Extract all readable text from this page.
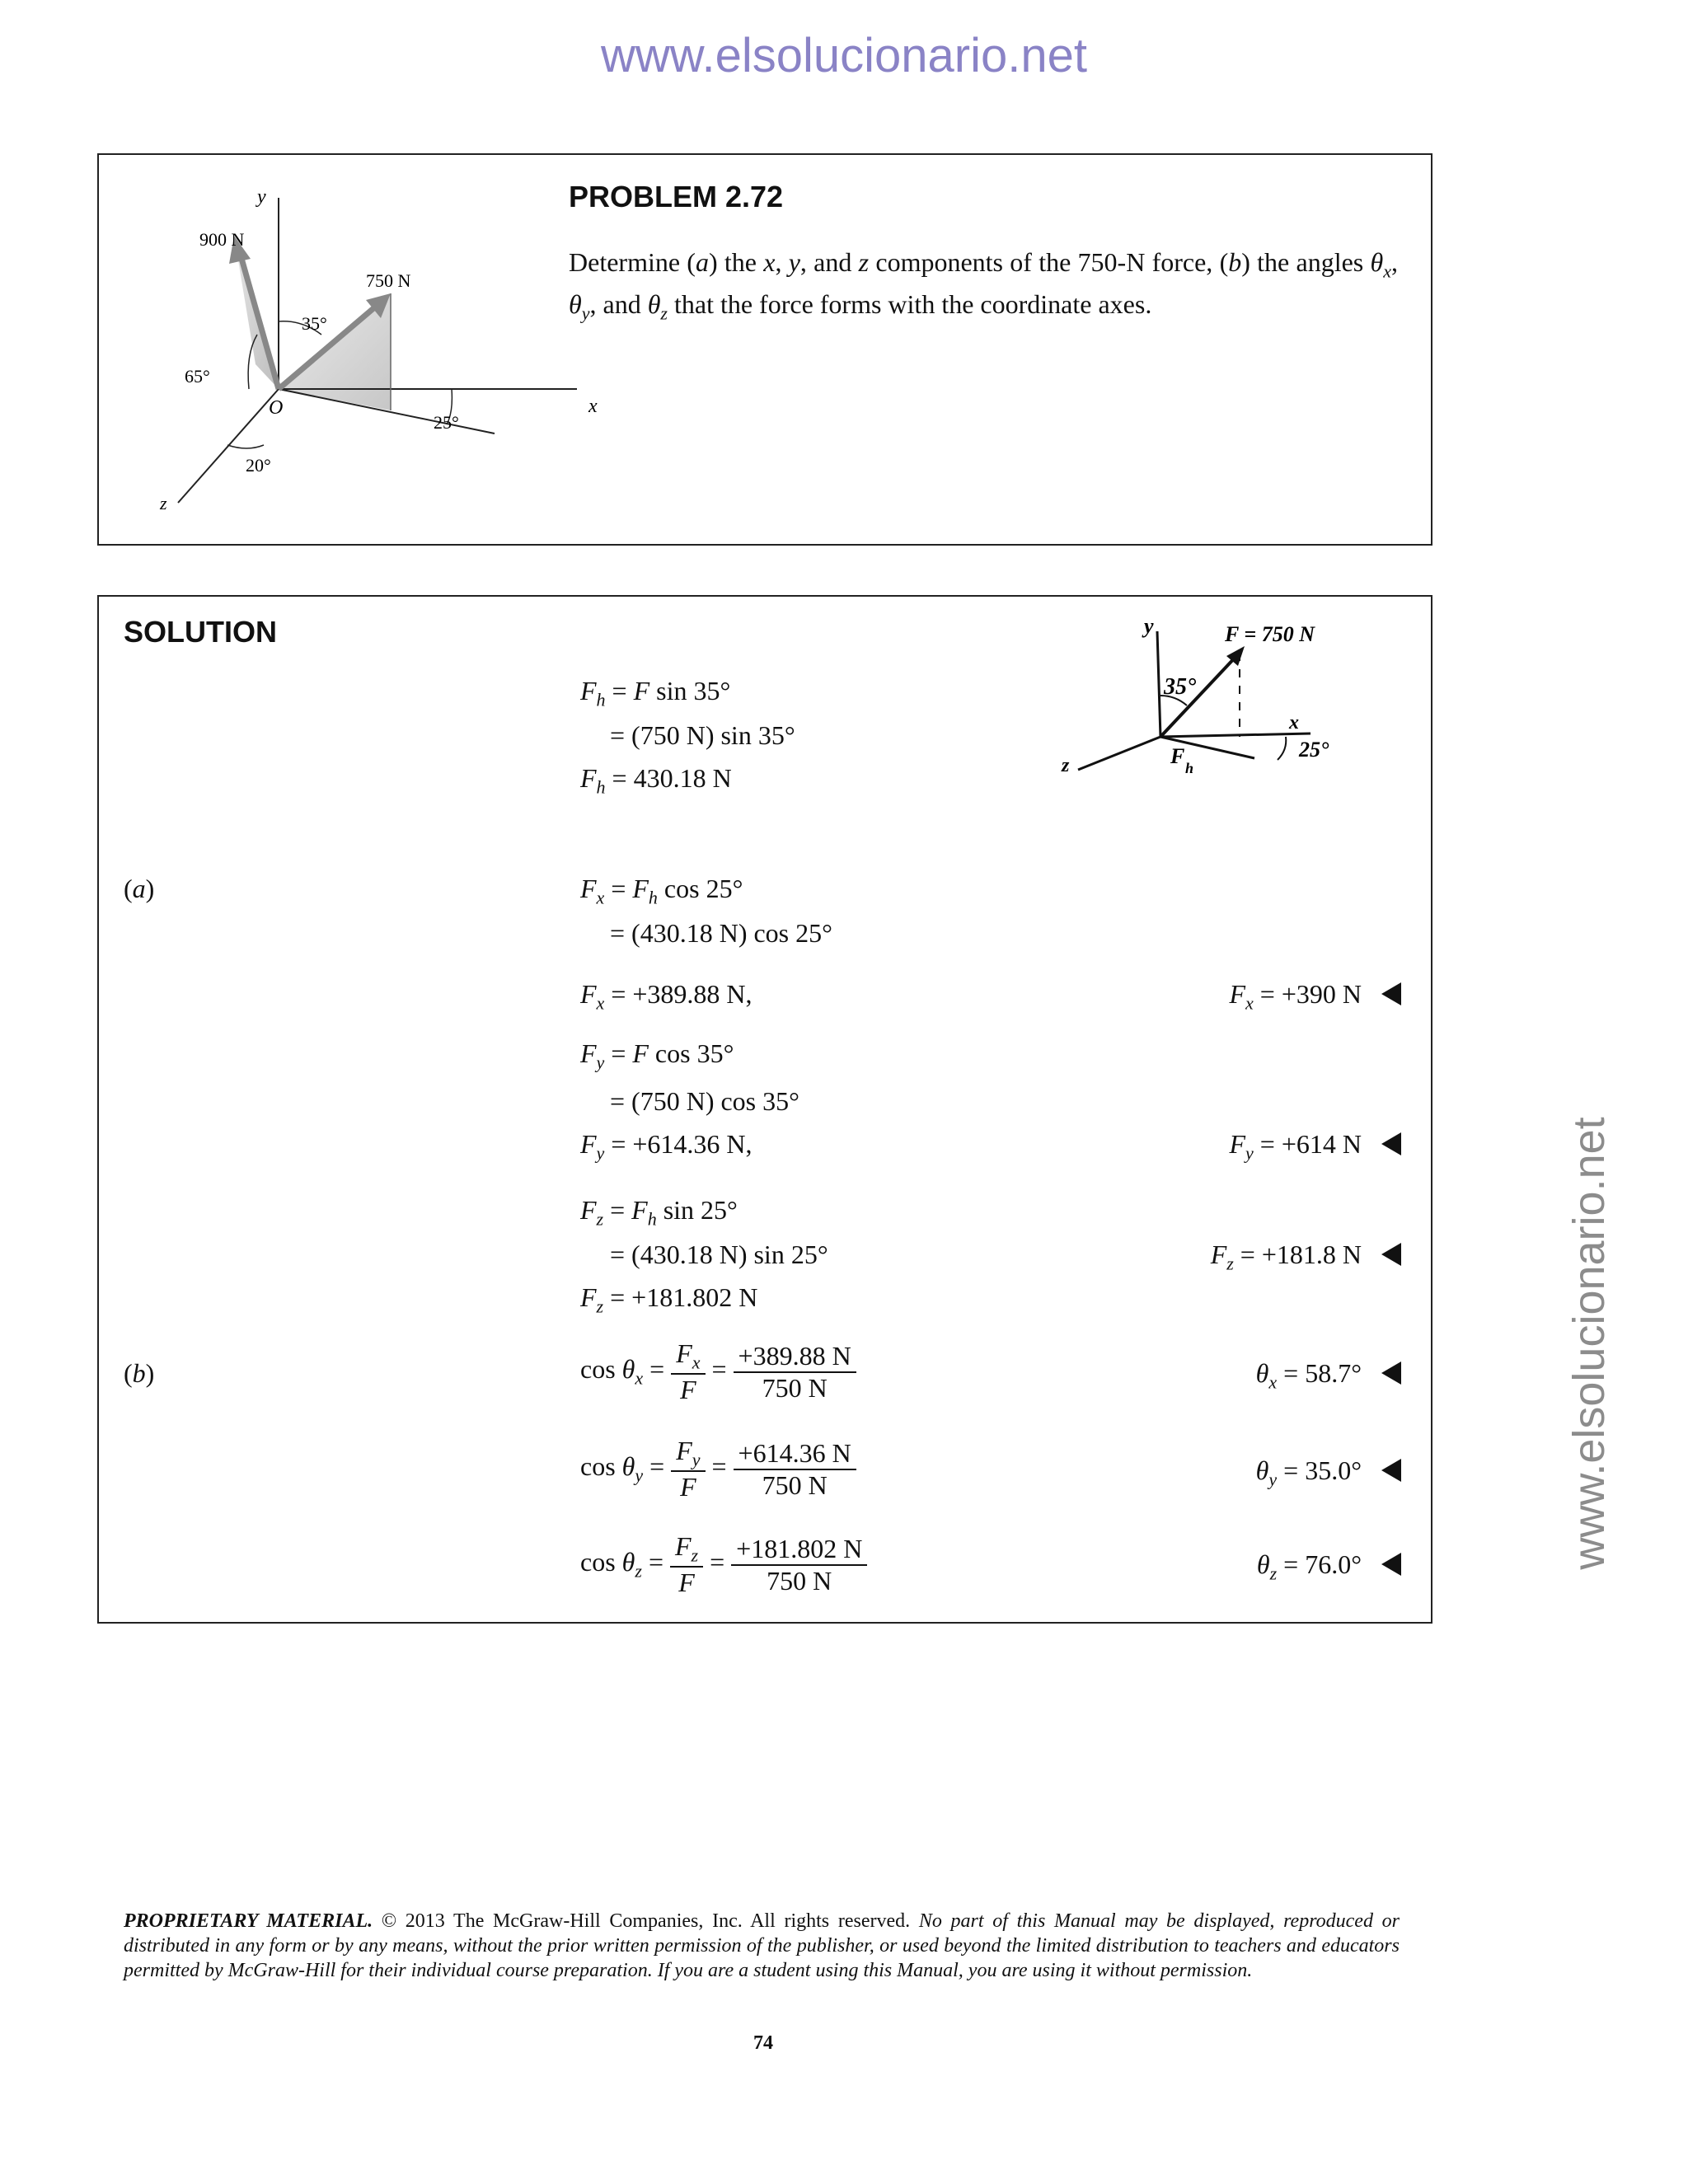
www.elsolucionario.net
www.elsolucionario.net
y
900 N
750 N
35°
65°
O
25°
x
20°
z
PROBLEM 2.72
Determine (a) the x, y, and z components of the 750-N force, (b) the angles $\theta_x$, $\theta_y$, and $\theta_z$ that the force forms with the coordinate axes.
SOLUTION	y	F = 750 N
35°
x
25°
z	F h
(a)
(b)
$F_h = F$ sin 35°
= (750 N) sin 35°
$F_h = 430.18$ N
$F_x = F_h$ cos 25°
= (430.18 N) cos 25°
$F_x = +389.88$ N,
$F_y = F$ cos 35°
= (750 N) cos 35°
$F_y = +614.36$ N,
$F_z = F_h$ sin 25°
= (430.18 N) sin 25°
$F_z = +181.802$ N
$\cos \theta_x = \frac{F_x}{F} = \frac{+389.88 N}{750 N}$
$\cos \theta_y = \frac{F_y}{F} = \frac{+614.36 N}{750 N}$
$\cos \theta_z = \frac{F_z}{F} = \frac{+181.802 N}{750 N}$
$F_x = +390$ N
$F_y = +614$ N
$F_z = +181.8$ N
$\theta_x = 58.7^\circ$
$\theta_y = 35.0^\circ$
$\theta_z = 76.0^\circ$
PROPRIETARY MATERIAL. © 2013 The McGraw-Hill Companies, Inc. All rights reserved. No part of this Manual may be displayed, reproduced or distributed in any form or by any means, without the prior written permission of the publisher, or used beyond the limited distribution to teachers and educators permitted by McGraw-Hill for their individual course preparation. If you are a student using this Manual, you are using it without permission.
74
